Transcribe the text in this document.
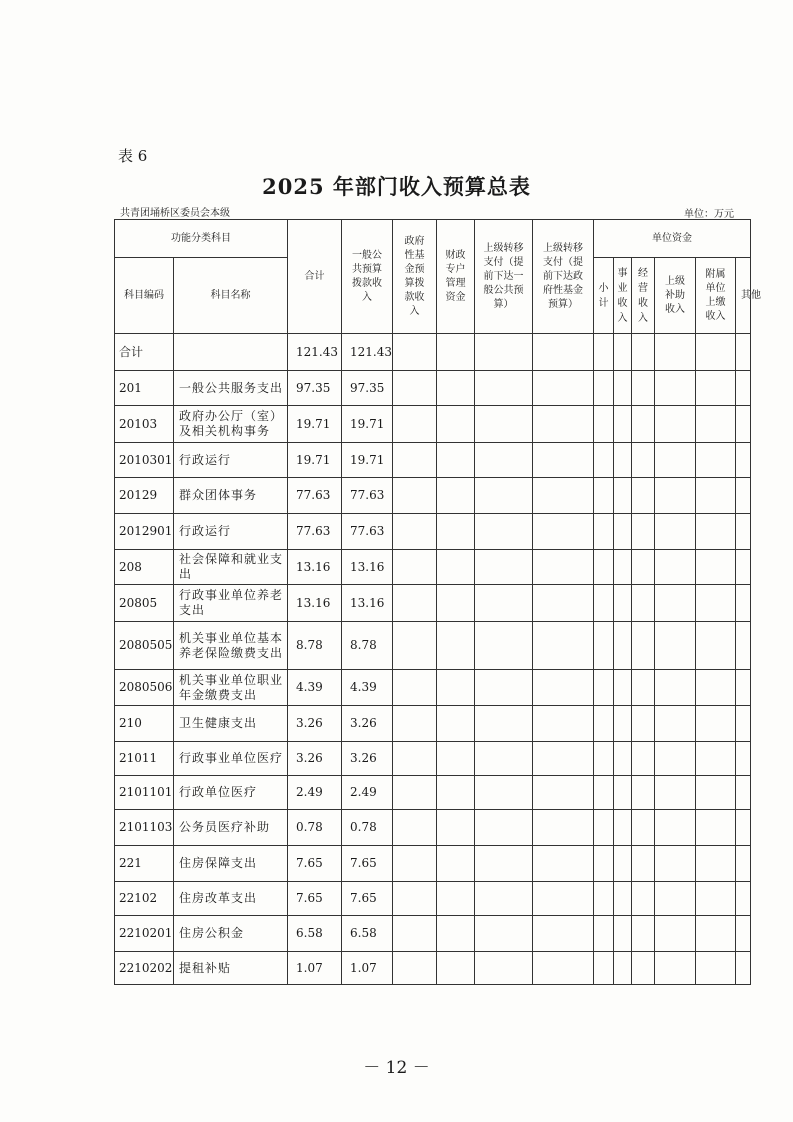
表 6
2025 年部门收入预算总表
共青团埇桥区委员会本级	单位：万元
功能分类科目		合计	一般公共预算拨款收入	政府性基金预算拨款收入	财政专户管理资金	上级转移支付（提前下达一般公共预算）	上级转移支付（提前下达政府性基金预算）	单位资金					
科目编码	科目名称							小计	事业收入	经营收入	上级补助收入	附属单位上缴收入	其他
合计		121.43	121.43										
201	一般公共服务支出	97.35	97.35										
20103	政府办公厅（室）及相关机构事务	19.71	19.71										
2010301	行政运行	19.71	19.71										
20129	群众团体事务	77.63	77.63										
2012901	行政运行	77.63	77.63										
208	社会保障和就业支出	13.16	13.16										
20805	行政事业单位养老支出	13.16	13.16										
2080505	机关事业单位基本养老保险缴费支出	8.78	8.78										
2080506	机关事业单位职业年金缴费支出	4.39	4.39										
210	卫生健康支出	3.26	3.26										
21011	行政事业单位医疗	3.26	3.26										
2101101	行政单位医疗	2.49	2.49										
2101103	公务员医疗补助	0.78	0.78										
221	住房保障支出	7.65	7.65										
22102	住房改革支出	7.65	7.65										
2210201	住房公积金	6.58	6.58										
2210202	提租补贴	1.07	1.07										
－ 12 －
